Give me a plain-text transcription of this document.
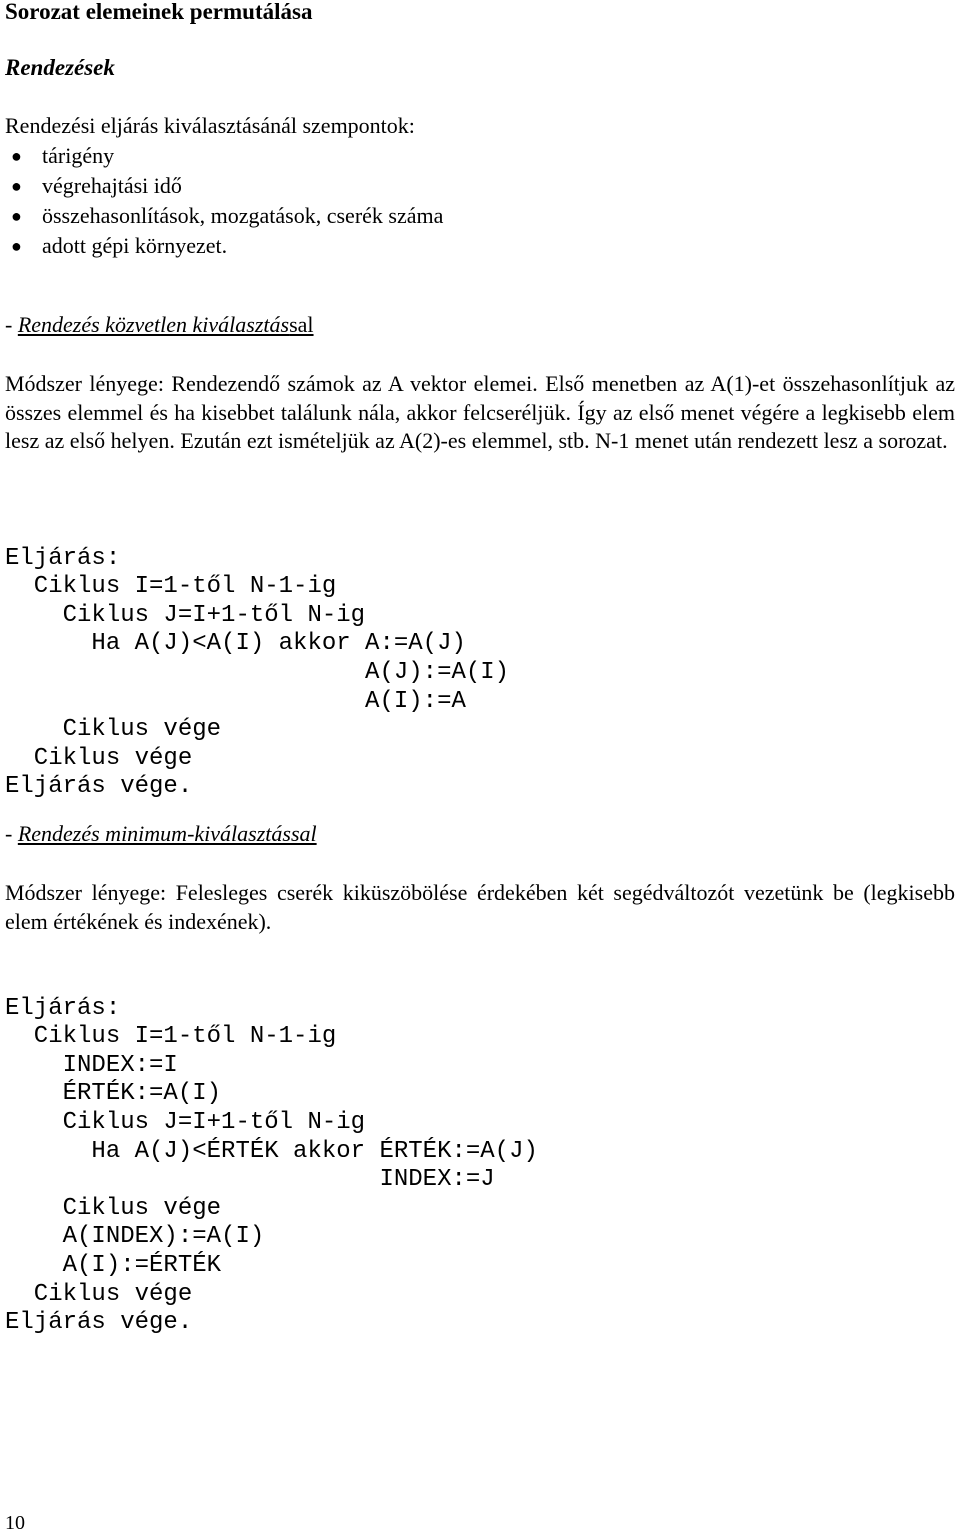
Sorozat elemeinek permutálása
Rendezések
Rendezési eljárás kiválasztásánál szempontok:
● tárigény
● végrehajtási idő
● összehasonlítások, mozgatások, cserék száma
● adott gépi környezet.
- Rendezés közvetlen kiválasztással
Módszer lényege: Rendezendő számok az A vektor elemei. Első menetben az A(1)-et összehasonlítjuk az összes elemmel és ha kisebbet találunk nála, akkor felcseréljük. Így az első menet végére a legkisebb elem lesz az első helyen. Ezután ezt ismételjük az A(2)-es elemmel, stb. N-1 menet után rendezett lesz a sorozat.

Eljárás:
Ciklus I=1-től N-1-ig
Ciklus J=I+1-től N-ig
Ha A(J)<A(I) akkor A:=A(J)
A(J):=A(I)
A(I):=A
Ciklus vége
Ciklus vége
Eljárás vége.

- Rendezés minimum-kiválasztással
Módszer lényege: Felesleges cserék kiküszöbölése érdekében két segédváltozót vezetünk be (legkisebb elem értékének és indexének).

Eljárás:
Ciklus I=1-től N-1-ig
INDEX:=I
ÉRTÉK:=A(I)
Ciklus J=I+1-től N-ig
Ha A(J)<ÉRTÉK akkor ÉRTÉK:=A(J)
INDEX:=J
Ciklus vége
A(INDEX):=A(I)
A(I):=ÉRTÉK
Ciklus vége
Eljárás vége.

10
